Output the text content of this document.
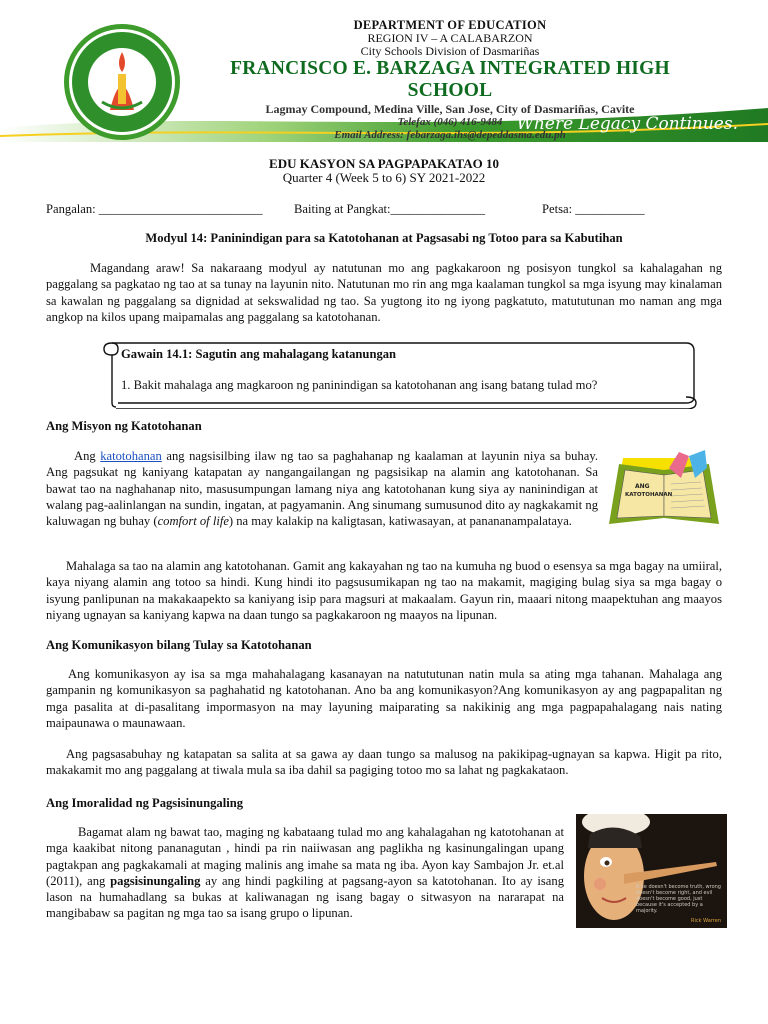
Where Legacy Continues.
DEPARTMENT OF EDUCATION
REGION IV – A CALABARZON
City Schools Division of Dasmariñas
FRANCISCO E. BARZAGA INTEGRATED HIGH SCHOOL
Lagmay Compound, Medina Ville, San Jose, City of Dasmariñas, Cavite
Telefax (046) 416-9484
Email Address: febarzaga.ihs@depeddasma.edu.ph
EDU KASYON SA PAGPAPAKATAO 10
Quarter 4 (Week 5 to 6) SY 2021-2022
Pangalan: __________________________	Baiting at Pangkat:_______________	Petsa: ___________
Modyul 14: Paninindigan para sa Katotohanan at Pagsasabi ng Totoo para sa Kabutihan
Magandang araw! Sa nakaraang modyul ay natutunan mo ang pagkakaroon ng posisyon tungkol sa kahalagahan ng paggalang sa pagkatao ng tao at sa tunay na layunin nito. Natutunan mo rin ang mga kaalaman tungkol sa mga isyung may kinalaman sa kawalan ng paggalang sa dignidad at sekswalidad ng tao. Sa yugtong ito ng iyong pagkatuto, matututunan mo naman ang mga angkop na kilos upang maipamalas ang paggalang sa katotohanan.
Gawain 14.1: Sagutin ang mahalagang katanungan
1. Bakit mahalaga ang magkaroon ng paninindigan sa katotohanan ang isang batang tulad mo?
Ang Misyon ng Katotohanan
Ang katotohanan ang nagsisilbing ilaw ng tao sa paghahanap ng kaalaman at layunin niya sa buhay. Ang pagsukat ng kaniyang katapatan ay nangangailangan ng pagsisikap na alamin ang katotohanan. Sa bawat tao na naghahanap nito, masusumpungan lamang niya ang katotohanan kung siya ay naninindigan at walang pag-aalinlangan na sundin, ingatan, at pagyamanin. Ang sinumang sumusunod dito ay nagkakamit ng kaluwagan ng buhay (comfort of life) na may kalakip na kaligtasan, katiwasayan, at panananampalataya.
ANG
KATOTOHANAN
Mahalaga sa tao na alamin ang katotohanan. Gamit ang kakayahan ng tao na kumuha ng buod o esensya sa mga bagay na umiiral, kaya niyang alamin ang totoo sa hindi. Kung hindi ito pagsusumikapan ng tao na makamit, magiging bulag siya sa mga bagay o isyung panlipunan na makakaapekto sa kaniyang isip para magsuri at makaalam. Gayun rin, maaari nitong maapektuhan ang maayos niyang ugnayan sa kaniyang kapwa na daan tungo sa pagkakaroon ng maayos na lipunan.
Ang Komunikasyon bilang Tulay sa Katotohanan
Ang komunikasyon ay isa sa mga mahahalagang kasanayan na natututunan natin mula sa ating mga tahanan. Mahalaga ang gampanin ng komunikasyon sa paghahatid ng katotohanan. Ano ba ang komunikasyon?Ang komunikasyon ay ang pagpapalitan ng mga pasalita at di-pasalitang impormasyon na may layuning maiparating sa nakikinig ang mga pagpapahalagang nais nating maipaunawa o maunawaan.
Ang pagsasabuhay ng katapatan sa salita at sa gawa ay daan tungo sa malusog na pakikipag-ugnayan sa kapwa. Higit pa rito, makakamit mo ang paggalang at tiwala mula sa iba dahil sa pagiging totoo mo sa lahat ng pagkakataon.
Ang Imoralidad ng Pagsisinungaling
Bagamat alam ng bawat tao, maging ng kabataang tulad mo ang kahalagahan ng katotohanan at mga kaakibat nitong pananagutan , hindi pa rin naiiwasan ang paglikha ng kasinungalingan upang pagtakpan ang pagkakamali at maging malinis ang imahe sa mata ng iba. Ayon kay Sambajon Jr. et.al (2011), ang pagsisinungaling ay ang hindi pagkiling at pagsang-ayon sa katotohanan. Ito ay isang lason na humahadlang sa bukas at kaliwanagan ng isang bagay o sitwasyon na nararapat na mangibabaw sa pagitan ng mga tao sa isang grupo o lipunan.
A lie doesn't become truth, wrong doesn't become right, and evil doesn't become good, just because it's accepted by a majority.
Rick Warren
